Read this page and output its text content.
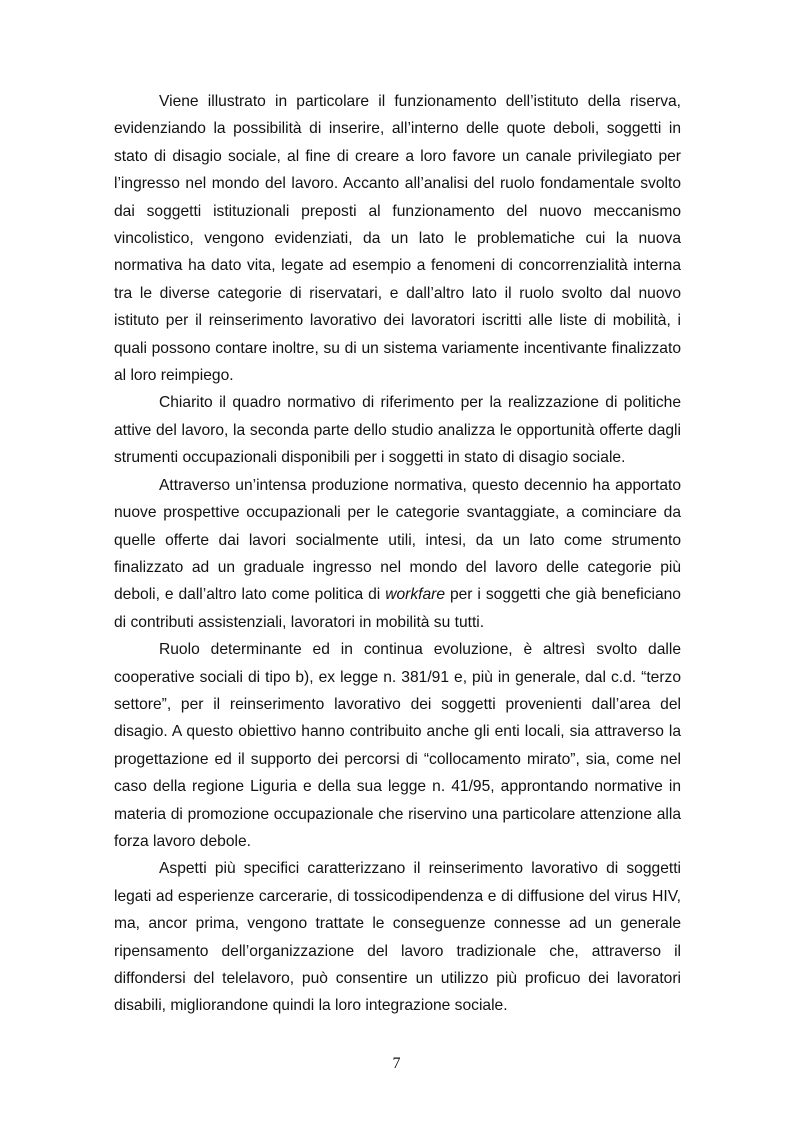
Viene illustrato in particolare il funzionamento dell’istituto della riserva, evidenziando la possibilità di inserire, all’interno delle quote deboli, soggetti in stato di disagio sociale, al fine di creare a loro favore un canale privilegiato per l’ingresso nel mondo del lavoro. Accanto all’analisi del ruolo fondamentale svolto dai soggetti istituzionali preposti al funzionamento del nuovo meccanismo vincolistico, vengono evidenziati, da un lato le problematiche cui la nuova normativa ha dato vita, legate ad esempio a fenomeni di concorrenzialità interna tra le diverse categorie di riservatari, e dall’altro lato il ruolo svolto dal nuovo istituto per il reinserimento lavorativo dei lavoratori iscritti alle liste di mobilità, i quali possono contare inoltre, su di un sistema variamente incentivante finalizzato al loro reimpiego.

Chiarito il quadro normativo di riferimento per la realizzazione di politiche attive del lavoro, la seconda parte dello studio analizza le opportunità offerte dagli strumenti occupazionali disponibili per i soggetti in stato di disagio sociale.

Attraverso un’intensa produzione normativa, questo decennio ha apportato nuove prospettive occupazionali per le categorie svantaggiate, a cominciare da quelle offerte dai lavori socialmente utili, intesi, da un lato come strumento finalizzato ad un graduale ingresso nel mondo del lavoro delle categorie più deboli, e dall’altro lato come politica di workfare per i soggetti che già beneficiano di contributi assistenziali, lavoratori in mobilità su tutti.

Ruolo determinante ed in continua evoluzione, è altresì svolto dalle cooperative sociali di tipo b), ex legge n. 381/91 e, più in generale, dal c.d. “terzo settore”, per il reinserimento lavorativo dei soggetti provenienti dall’area del disagio. A questo obiettivo hanno contribuito anche gli enti locali, sia attraverso la progettazione ed il supporto dei percorsi di “collocamento mirato”, sia, come nel caso della regione Liguria e della sua legge n. 41/95, approntando normative in materia di promozione occupazionale che riservino una particolare attenzione alla forza lavoro debole.

Aspetti più specifici caratterizzano il reinserimento lavorativo di soggetti legati ad esperienze carcerarie, di tossicodipendenza e di diffusione del virus HIV, ma, ancor prima, vengono trattate le conseguenze connesse ad un generale ripensamento dell’organizzazione del lavoro tradizionale che, attraverso il diffondersi del telelavoro, può consentire un utilizzo più proficuo dei lavoratori disabili, migliorandone quindi la loro integrazione sociale.

7
